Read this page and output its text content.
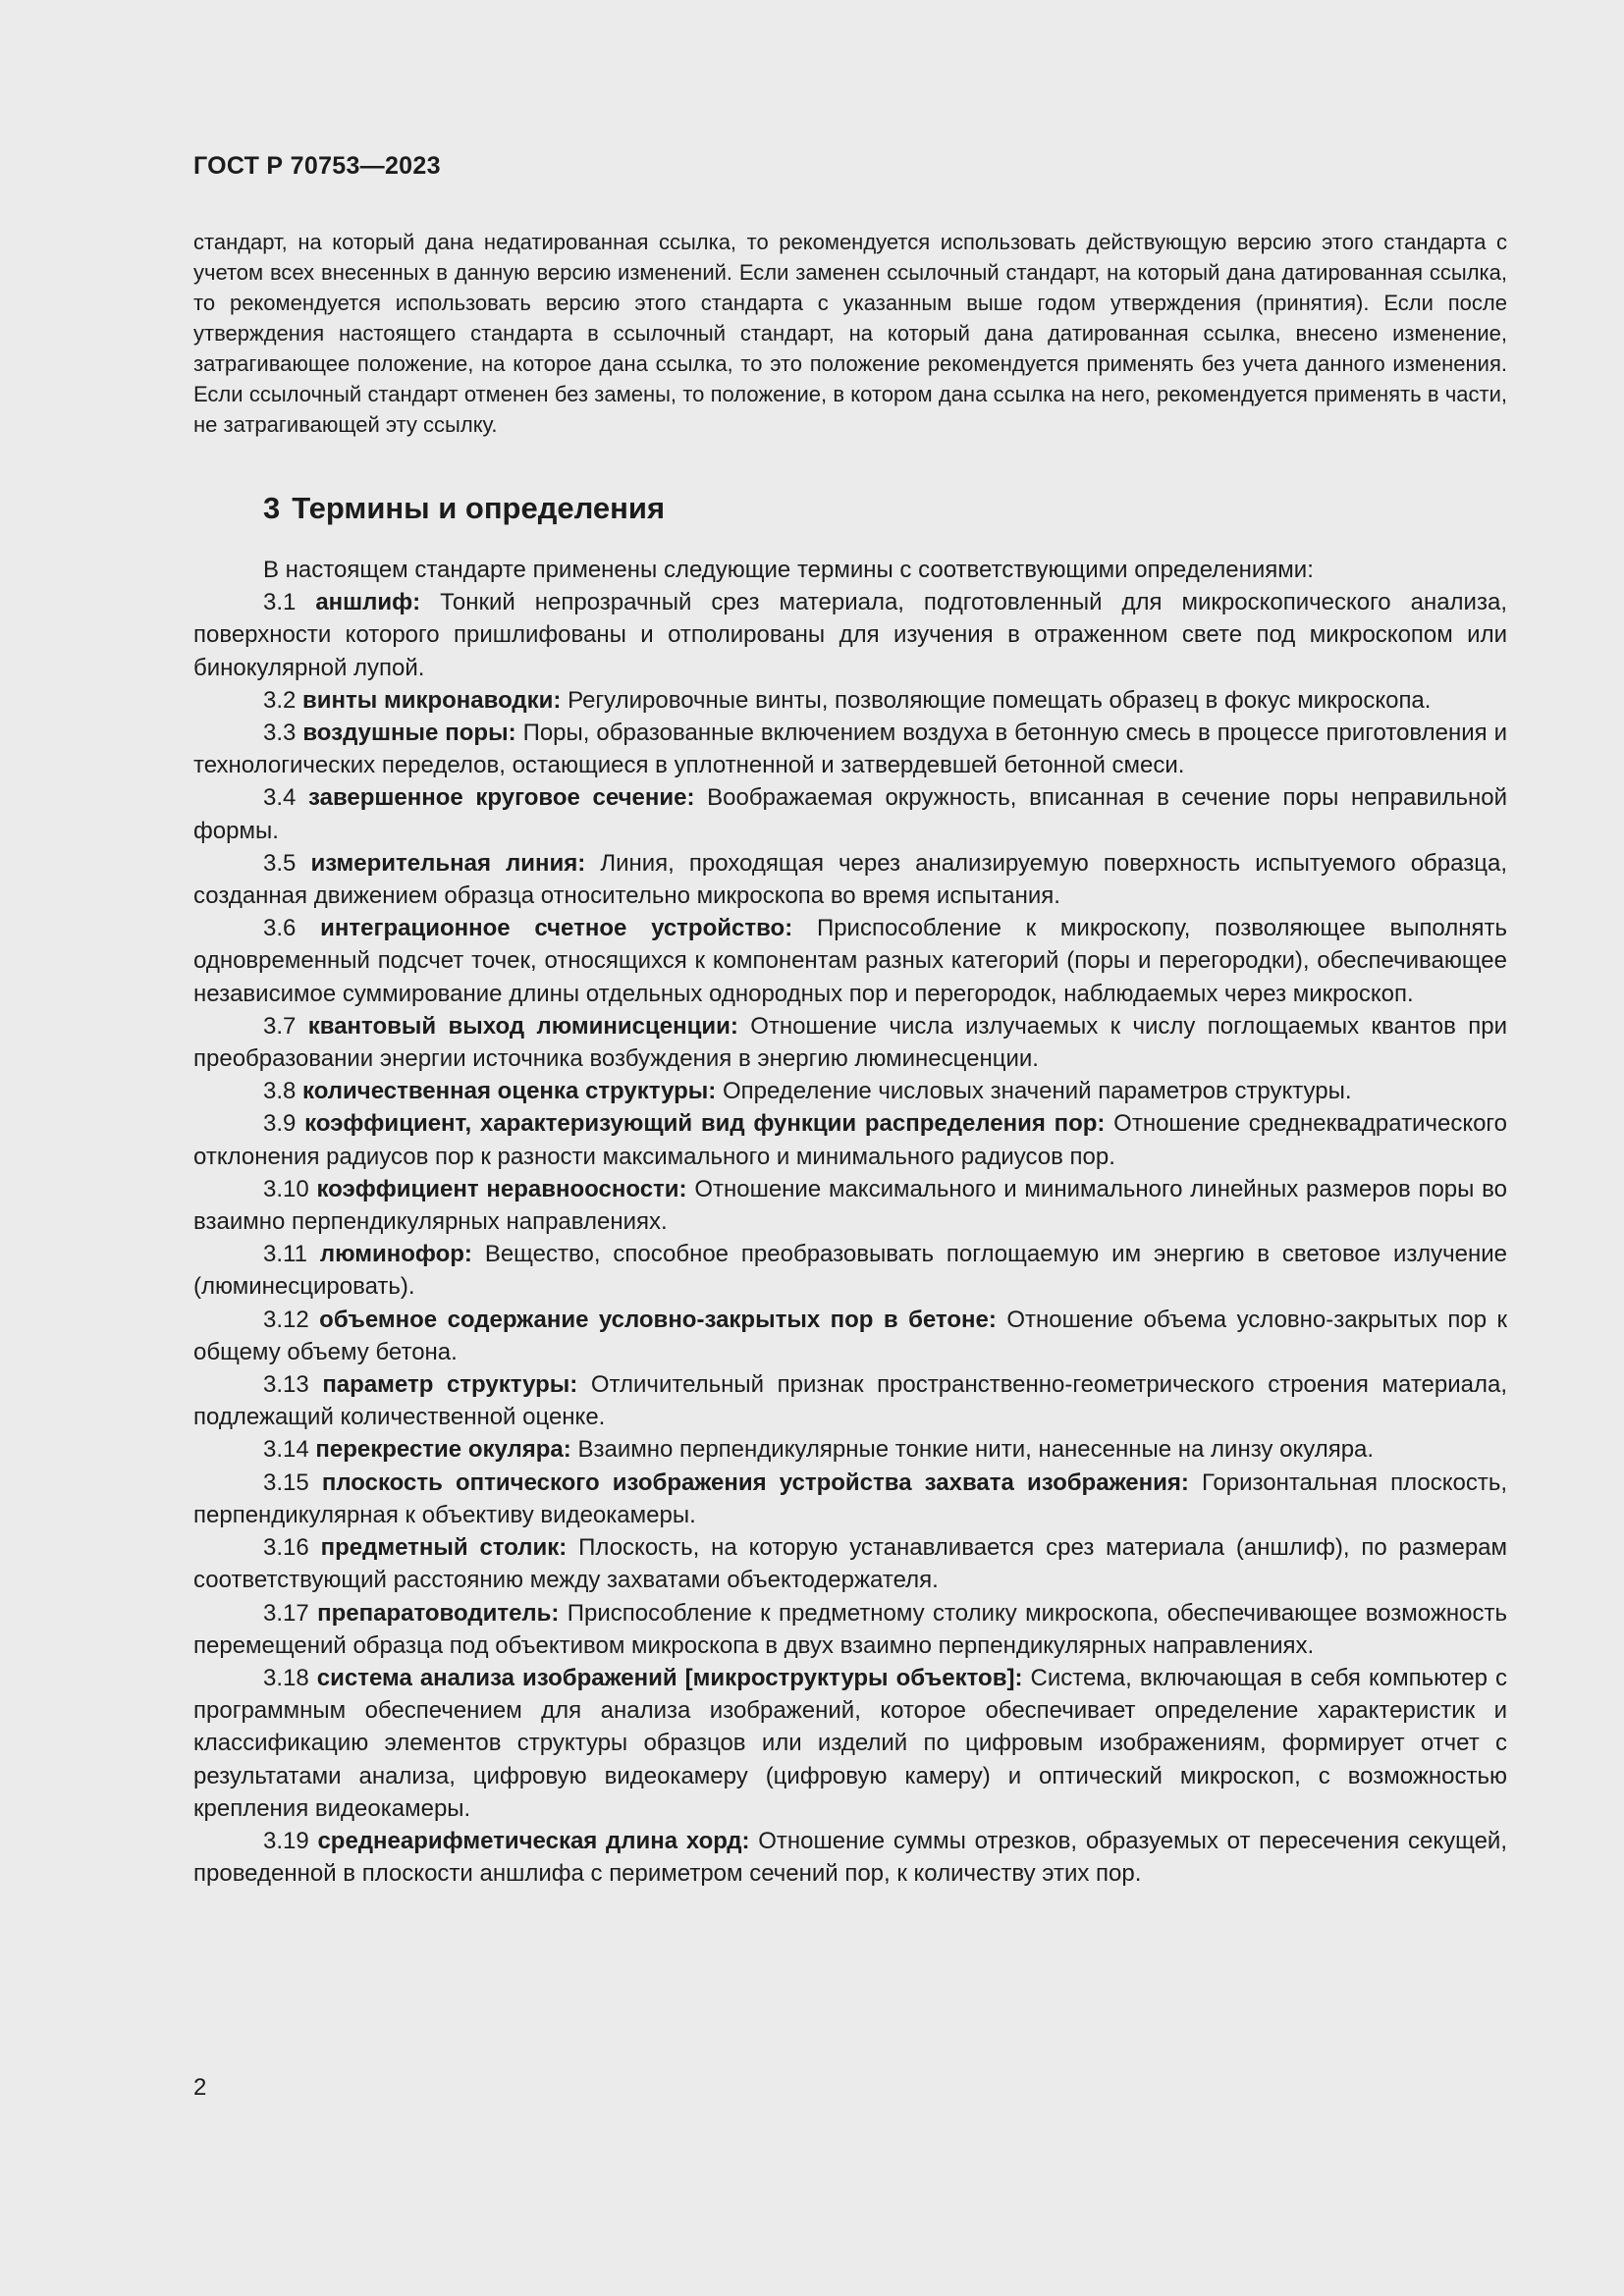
ГОСТ Р 70753—2023

стандарт, на который дана недатированная ссылка, то рекомендуется использовать действующую версию этого стандарта с учетом всех внесенных в данную версию изменений. Если заменен ссылочный стандарт, на который дана датированная ссылка, то рекомендуется использовать версию этого стандарта с указанным выше годом утверждения (принятия). Если после утверждения настоящего стандарта в ссылочный стандарт, на который дана датированная ссылка, внесено изменение, затрагивающее положение, на которое дана ссылка, то это положение рекомендуется применять без учета данного изменения. Если ссылочный стандарт отменен без замены, то положение, в котором дана ссылка на него, рекомендуется применять в части, не затрагивающей эту ссылку.

3 Термины и определения

В настоящем стандарте применены следующие термины с соответствующими определениями:

3.1 аншлиф: Тонкий непрозрачный срез материала, подготовленный для микроскопического анализа, поверхности которого пришлифованы и отполированы для изучения в отраженном свете под микроскопом или бинокулярной лупой.

3.2 винты микронаводки: Регулировочные винты, позволяющие помещать образец в фокус микроскопа.

3.3 воздушные поры: Поры, образованные включением воздуха в бетонную смесь в процессе приготовления и технологических переделов, остающиеся в уплотненной и затвердевшей бетонной смеси.

3.4 завершенное круговое сечение: Воображаемая окружность, вписанная в сечение поры неправильной формы.

3.5 измерительная линия: Линия, проходящая через анализируемую поверхность испытуемого образца, созданная движением образца относительно микроскопа во время испытания.

3.6 интеграционное счетное устройство: Приспособление к микроскопу, позволяющее выполнять одновременный подсчет точек, относящихся к компонентам разных категорий (поры и перегородки), обеспечивающее независимое суммирование длины отдельных однородных пор и перегородок, наблюдаемых через микроскоп.

3.7 квантовый выход люминисценции: Отношение числа излучаемых к числу поглощаемых квантов при преобразовании энергии источника возбуждения в энергию люминесценции.

3.8 количественная оценка структуры: Определение числовых значений параметров структуры.

3.9 коэффициент, характеризующий вид функции распределения пор: Отношение среднеквадратического отклонения радиусов пор к разности максимального и минимального радиусов пор.

3.10 коэффициент неравноосности: Отношение максимального и минимального линейных размеров поры во взаимно перпендикулярных направлениях.

3.11 люминофор: Вещество, способное преобразовывать поглощаемую им энергию в световое излучение (люминесцировать).

3.12 объемное содержание условно-закрытых пор в бетоне: Отношение объема условно-закрытых пор к общему объему бетона.

3.13 параметр структуры: Отличительный признак пространственно-геометрического строения материала, подлежащий количественной оценке.

3.14 перекрестие окуляра: Взаимно перпендикулярные тонкие нити, нанесенные на линзу окуляра.

3.15 плоскость оптического изображения устройства захвата изображения: Горизонтальная плоскость, перпендикулярная к объективу видеокамеры.

3.16 предметный столик: Плоскость, на которую устанавливается срез материала (аншлиф), по размерам соответствующий расстоянию между захватами объектодержателя.

3.17 препаратоводитель: Приспособление к предметному столику микроскопа, обеспечивающее возможность перемещений образца под объективом микроскопа в двух взаимно перпендикулярных направлениях.

3.18 система анализа изображений [микроструктуры объектов]: Система, включающая в себя компьютер с программным обеспечением для анализа изображений, которое обеспечивает определение характеристик и классификацию элементов структуры образцов или изделий по цифровым изображениям, формирует отчет с результатами анализа, цифровую видеокамеру (цифровую камеру) и оптический микроскоп, с возможностью крепления видеокамеры.

3.19 среднеарифметическая длина хорд: Отношение суммы отрезков, образуемых от пересечения секущей, проведенной в плоскости аншлифа с периметром сечений пор, к количеству этих пор.

2
